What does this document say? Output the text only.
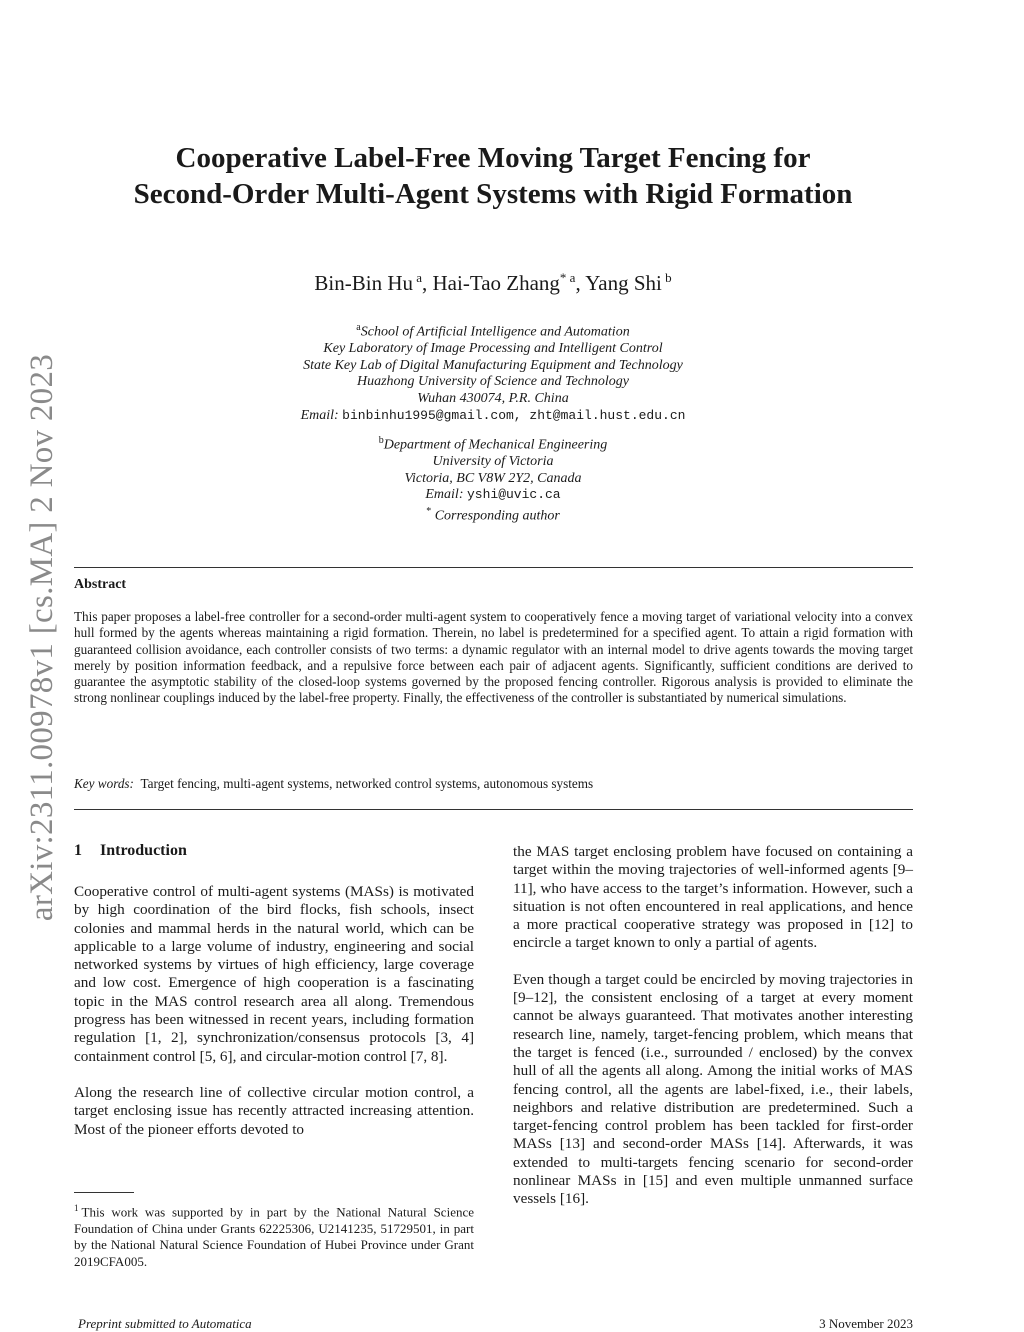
arXiv:2311.00978v1 [cs.MA] 2 Nov 2023
Cooperative Label-Free Moving Target Fencing for
Second-Order Multi-Agent Systems with Rigid Formation
Bin-Bin Hu $^a$, Hai-Tao Zhang$^{* a}$, Yang Shi $^b$
$^a$School of Artificial Intelligence and Automation
Key Laboratory of Image Processing and Intelligent Control
State Key Lab of Digital Manufacturing Equipment and Technology
Huazhong University of Science and Technology
Wuhan 430074, P.R. China
Email: binbinhu1995@gmail.com, zht@mail.hust.edu.cn
$^b$Department of Mechanical Engineering
University of Victoria
Victoria, BC V8W 2Y2, Canada
Email: yshi@uvic.ca
* Corresponding author
Abstract
This paper proposes a label-free controller for a second-order multi-agent system to cooperatively fence a moving target of variational velocity into a convex hull formed by the agents whereas maintaining a rigid formation. Therein, no label is predetermined for a specified agent. To attain a rigid formation with guaranteed collision avoidance, each controller consists of two terms: a dynamic regulator with an internal model to drive agents towards the moving target merely by position information feedback, and a repulsive force between each pair of adjacent agents. Significantly, sufficient conditions are derived to guarantee the asymptotic stability of the closed-loop systems governed by the proposed fencing controller. Rigorous analysis is provided to eliminate the strong nonlinear couplings induced by the label-free property. Finally, the effectiveness of the controller is substantiated by numerical simulations.
Key words: Target fencing, multi-agent systems, networked control systems, autonomous systems
1 Introduction

Cooperative control of multi-agent systems (MASs) is motivated by high coordination of the bird flocks, fish schools, insect colonies and mammal herds in the natural world, which can be applicable to a large volume of industry, engineering and social networked systems by virtues of high efficiency, large coverage and low cost. Emergence of high cooperation is a fascinating topic in the MAS control research area all along. Tremendous progress has been witnessed in recent years, including formation regulation [1, 2], synchronization/consensus protocols [3, 4] containment control [5, 6], and circular-motion control [7, 8].

Along the research line of collective circular motion control, a target enclosing issue has recently attracted increasing attention. Most of the pioneer efforts devoted to

the MAS target enclosing problem have focused on containing a target within the moving trajectories of well-informed agents [9–11], who have access to the target’s information. However, such a situation is not often encountered in real applications, and hence a more practical cooperative strategy was proposed in [12] to encircle a target known to only a partial of agents.

Even though a target could be encircled by moving trajectories in [9–12], the consistent enclosing of a target at every moment cannot be always guaranteed. That motivates another interesting research line, namely, target-fencing problem, which means that the target is fenced (i.e., surrounded / enclosed) by the convex hull of all the agents all along. Among the initial works of MAS fencing control, all the agents are label-fixed, i.e., their labels, neighbors and relative distribution are predetermined. Such a target-fencing control problem has been tackled for first-order MASs [13] and second-order MASs [14]. Afterwards, it was extended to multi-targets fencing scenario for second-order nonlinear MASs in [15] and even multiple unmanned surface vessels [16].

$^1$ This work was supported by in part by the National Natural Science Foundation of China under Grants 62225306, U2141235, 51729501, in part by the National Natural Science Foundation of Hubei Province under Grant 2019CFA005.
Preprint submitted to Automatica	3 November 2023
